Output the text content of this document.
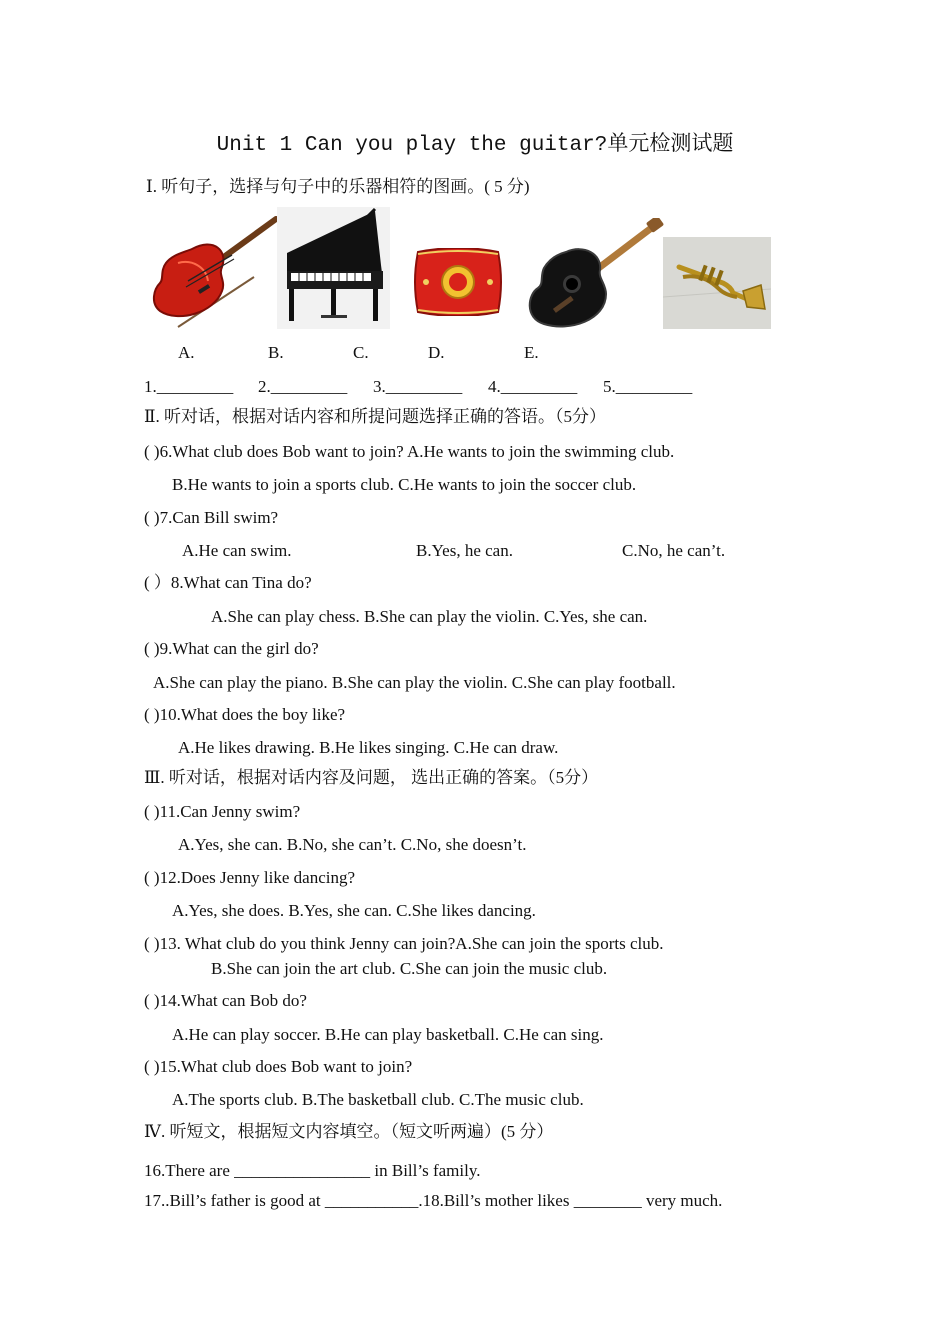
Unit 1 Can you play the guitar?单元检测试题
Ⅰ. 听句子，选择与句子中的乐器相符的图画。( 5 分)
A.	B.	C.	D.	E.
1._________ 2._________ 3._________ 4._________ 5._________
Ⅱ. 听对话，根据对话内容和所提问题选择正确的答语。（5分）
( )6.What club does Bob want to join? A.He wants to join the swimming club.
B.He wants to join a sports club. C.He wants to join the soccer club.
( )7.Can Bill swim?
A.He can swim.	B.Yes, he can.	C.No, he can’t.
( ）8.What can Tina do?
A.She can play chess. B.She can play the violin. C.Yes, she can.
( )9.What can the girl do?
A.She can play the piano. B.She can play the violin. C.She can play football.
( )10.What does the boy like?
A.He likes drawing. B.He likes singing. C.He can draw.
Ⅲ. 听对话，根据对话内容及问题， 选出正确的答案。（5分）
( )11.Can Jenny swim?
A.Yes, she can. B.No, she can’t. C.No, she doesn’t.
( )12.Does Jenny like dancing?
A.Yes, she does. B.Yes, she can. C.She likes dancing.
( )13. What club do you think Jenny can join?A.She can join the sports club.
B.She can join the art club. C.She can join the music club.
( )14.What can Bob do?
A.He can play soccer. B.He can play basketball. C.He can sing.
( )15.What club does Bob want to join?
A.The sports club. B.The basketball club. C.The music club.
Ⅳ. 听短文，根据短文内容填空。（短文听两遍）(5 分）
16.There are ________________ in Bill’s family.
17..Bill’s father is good at ___________.18.Bill’s mother likes ________ very much.
